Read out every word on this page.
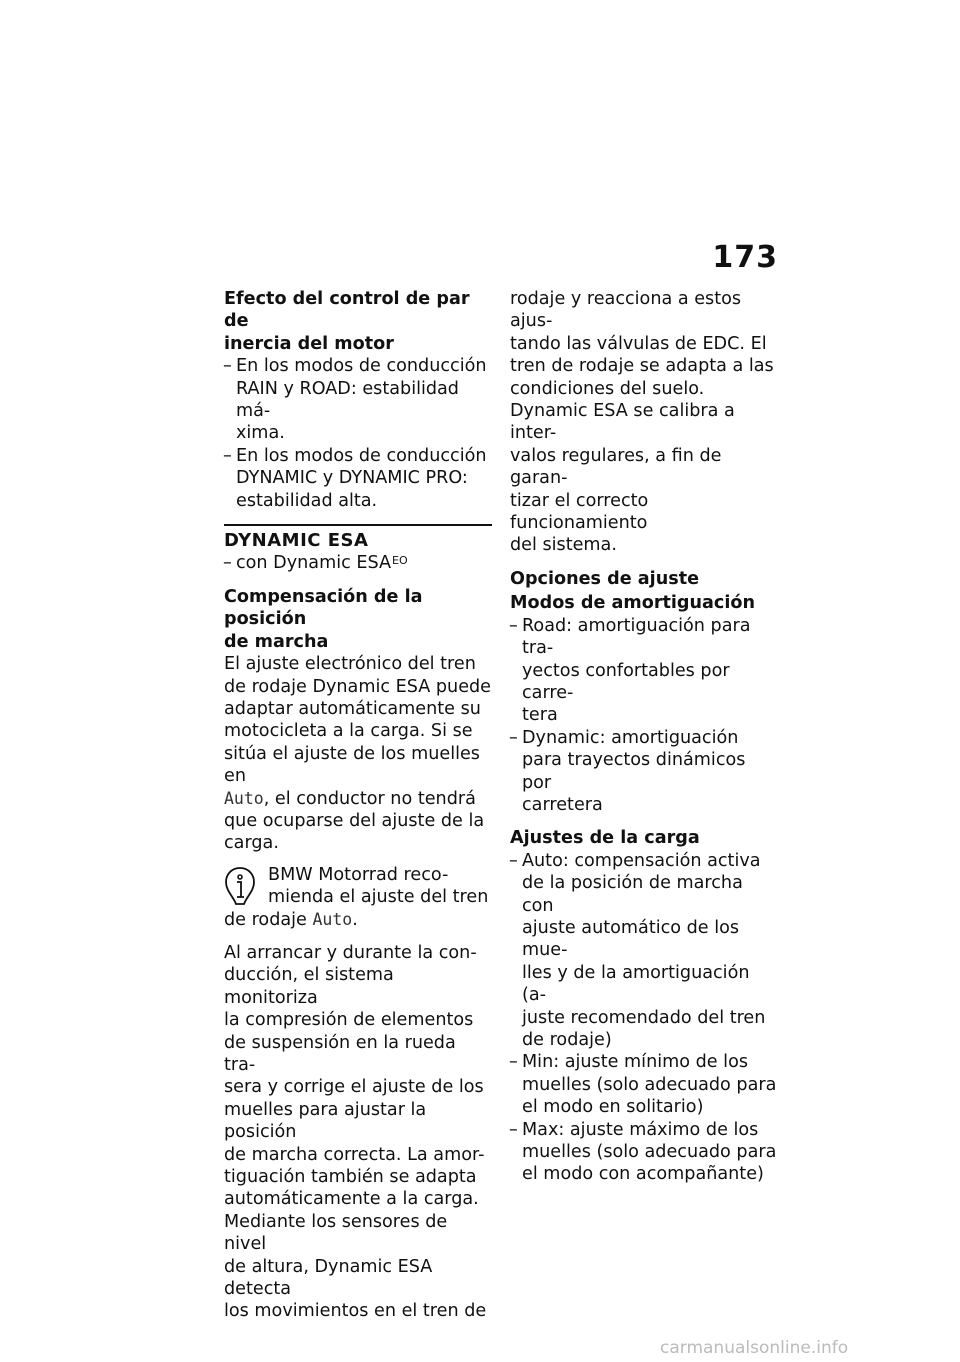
173

Efecto del control de par de
inercia del motor

– En los modos de conducción
RAIN y ROAD: estabilidad má-
xima.
– En los modos de conducción
DYNAMIC y DYNAMIC PRO:
estabilidad alta.

DYNAMIC ESA

– con Dynamic $ESA^{EO}$

Compensación de la posición
de marcha

El ajuste electrónico del tren
de rodaje Dynamic ESA puede
adaptar automáticamente su
motocicleta a la carga. Si se
sitúa el ajuste de los muelles en
Auto, el conductor no tendrá
que ocuparse del ajuste de la
carga.

BMW Motorrad reco-
mienda el ajuste del tren
de rodaje Auto.

Al arrancar y durante la con-
ducción, el sistema monitoriza
la compresión de elementos
de suspensión en la rueda tra-
sera y corrige el ajuste de los
muelles para ajustar la posición
de marcha correcta. La amor-
tiguación también se adapta
automáticamente a la carga.
Mediante los sensores de nivel
de altura, Dynamic ESA detecta
los movimientos en el tren de

rodaje y reacciona a estos ajus-
tando las válvulas de EDC. El
tren de rodaje se adapta a las
condiciones del suelo.
Dynamic ESA se calibra a inter-
valos regulares, a fin de garan-
tizar el correcto funcionamiento
del sistema.

Opciones de ajuste

Modos de amortiguación

– Road: amortiguación para tra-
yectos confortables por carre-
tera
– Dynamic: amortiguación
para trayectos dinámicos por
carretera

Ajustes de la carga

– Auto: compensación activa
de la posición de marcha con
ajuste automático de los mue-
lles y de la amortiguación (a-
juste recomendado del tren
de rodaje)
– Min: ajuste mínimo de los
muelles (solo adecuado para
el modo en solitario)
– Max: ajuste máximo de los
muelles (solo adecuado para
el modo con acompañante)
carmanualsonline.info
